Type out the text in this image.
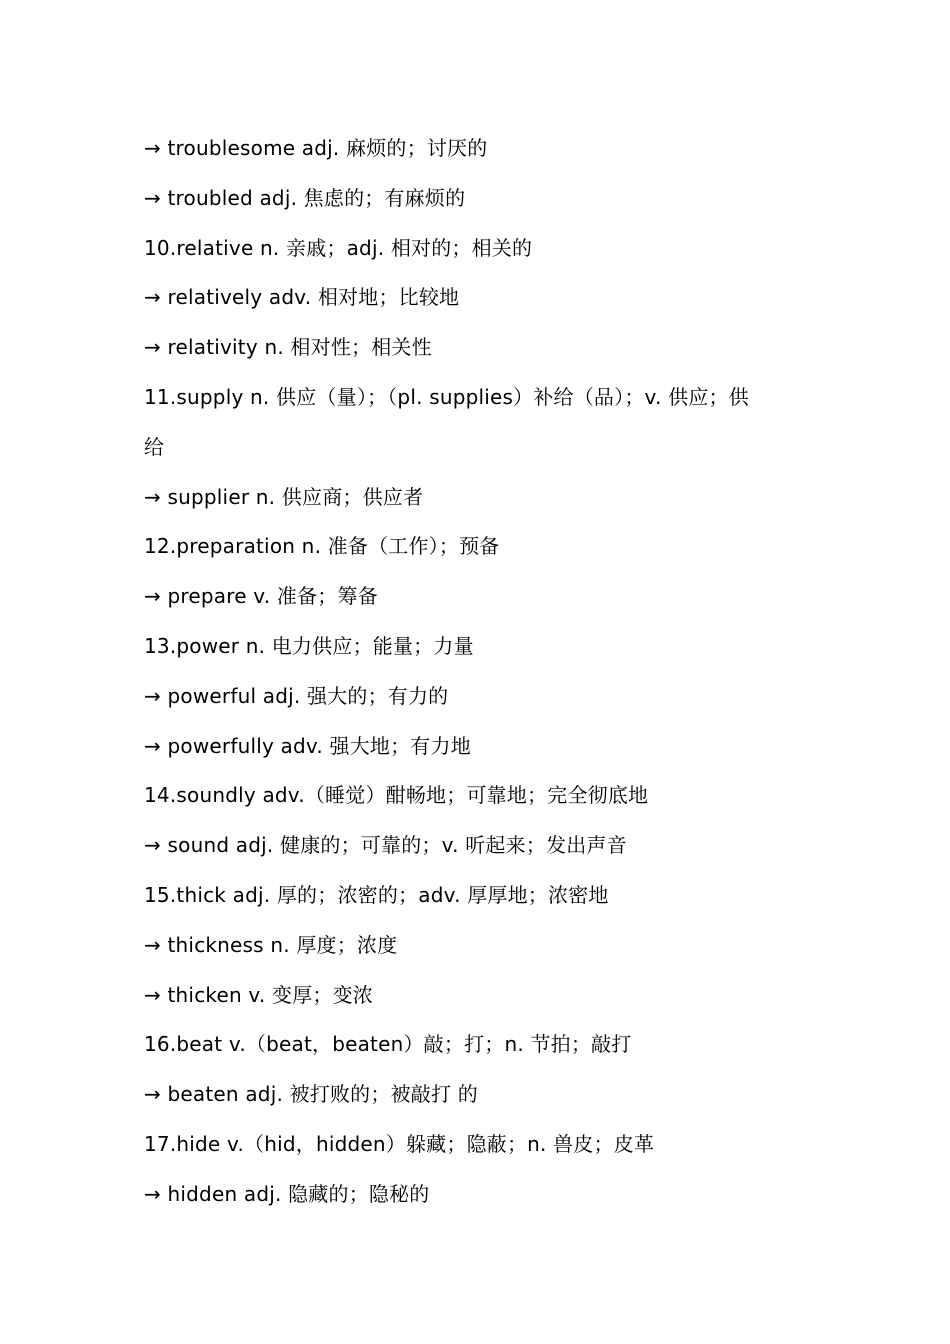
→ troublesome adj. 麻烦的；讨厌的
→ troubled adj. 焦虑的；有麻烦的
10.relative n. 亲戚；adj. 相对的；相关的
→ relatively adv. 相对地；比较地
→ relativity n. 相对性；相关性
11.supply n. 供应（量）；（pl. supplies）补给（品）；v. 供应；供
给
→ supplier n. 供应商；供应者
12.preparation n. 准备（工作）；预备
→ prepare v. 准备；筹备
13.power n. 电力供应；能量；力量
→ powerful adj. 强大的；有力的
→ powerfully adv. 强大地；有力地
14.soundly adv.（睡觉）酣畅地；可靠地；完全彻底地
→ sound adj. 健康的；可靠的；v. 听起来；发出声音
15.thick adj. 厚的；浓密的；adv. 厚厚地；浓密地
→ thickness n. 厚度；浓度
→ thicken v. 变厚；变浓
16.beat v.（beat，beaten）敲；打；n. 节拍；敲打
→ beaten adj. 被打败的；被敲打 的
17.hide v.（hid，hidden）躲藏；隐蔽；n. 兽皮；皮革
→ hidden adj. 隐藏的；隐秘的
